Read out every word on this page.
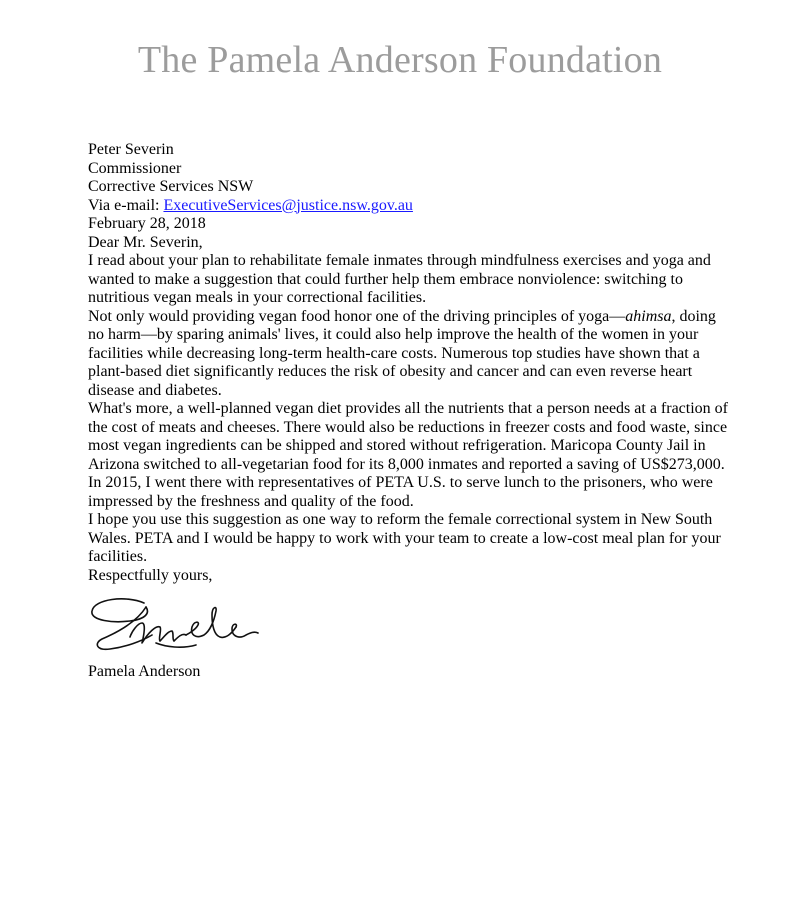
The Pamela Anderson Foundation
Peter Severin
Commissioner
Corrective Services NSW

Via e-mail: ExecutiveServices@justice.nsw.gov.au

February 28, 2018

Dear Mr. Severin,

I read about your plan to rehabilitate female inmates through mindfulness exercises and yoga and wanted to make a suggestion that could further help them embrace nonviolence: switching to nutritious vegan meals in your correctional facilities.

Not only would providing vegan food honor one of the driving principles of yoga—ahimsa, doing no harm—by sparing animals' lives, it could also help improve the health of the women in your facilities while decreasing long-term health-care costs. Numerous top studies have shown that a plant-based diet significantly reduces the risk of obesity and cancer and can even reverse heart disease and diabetes.

What's more, a well-planned vegan diet provides all the nutrients that a person needs at a fraction of the cost of meats and cheeses. There would also be reductions in freezer costs and food waste, since most vegan ingredients can be shipped and stored without refrigeration. Maricopa County Jail in Arizona switched to all-vegetarian food for its 8,000 inmates and reported a saving of US$273,000. In 2015, I went there with representatives of PETA U.S. to serve lunch to the prisoners, who were impressed by the freshness and quality of the food.

I hope you use this suggestion as one way to reform the female correctional system in New South Wales. PETA and I would be happy to work with your team to create a low-cost meal plan for your facilities.

Respectfully yours,

Pamela Anderson
